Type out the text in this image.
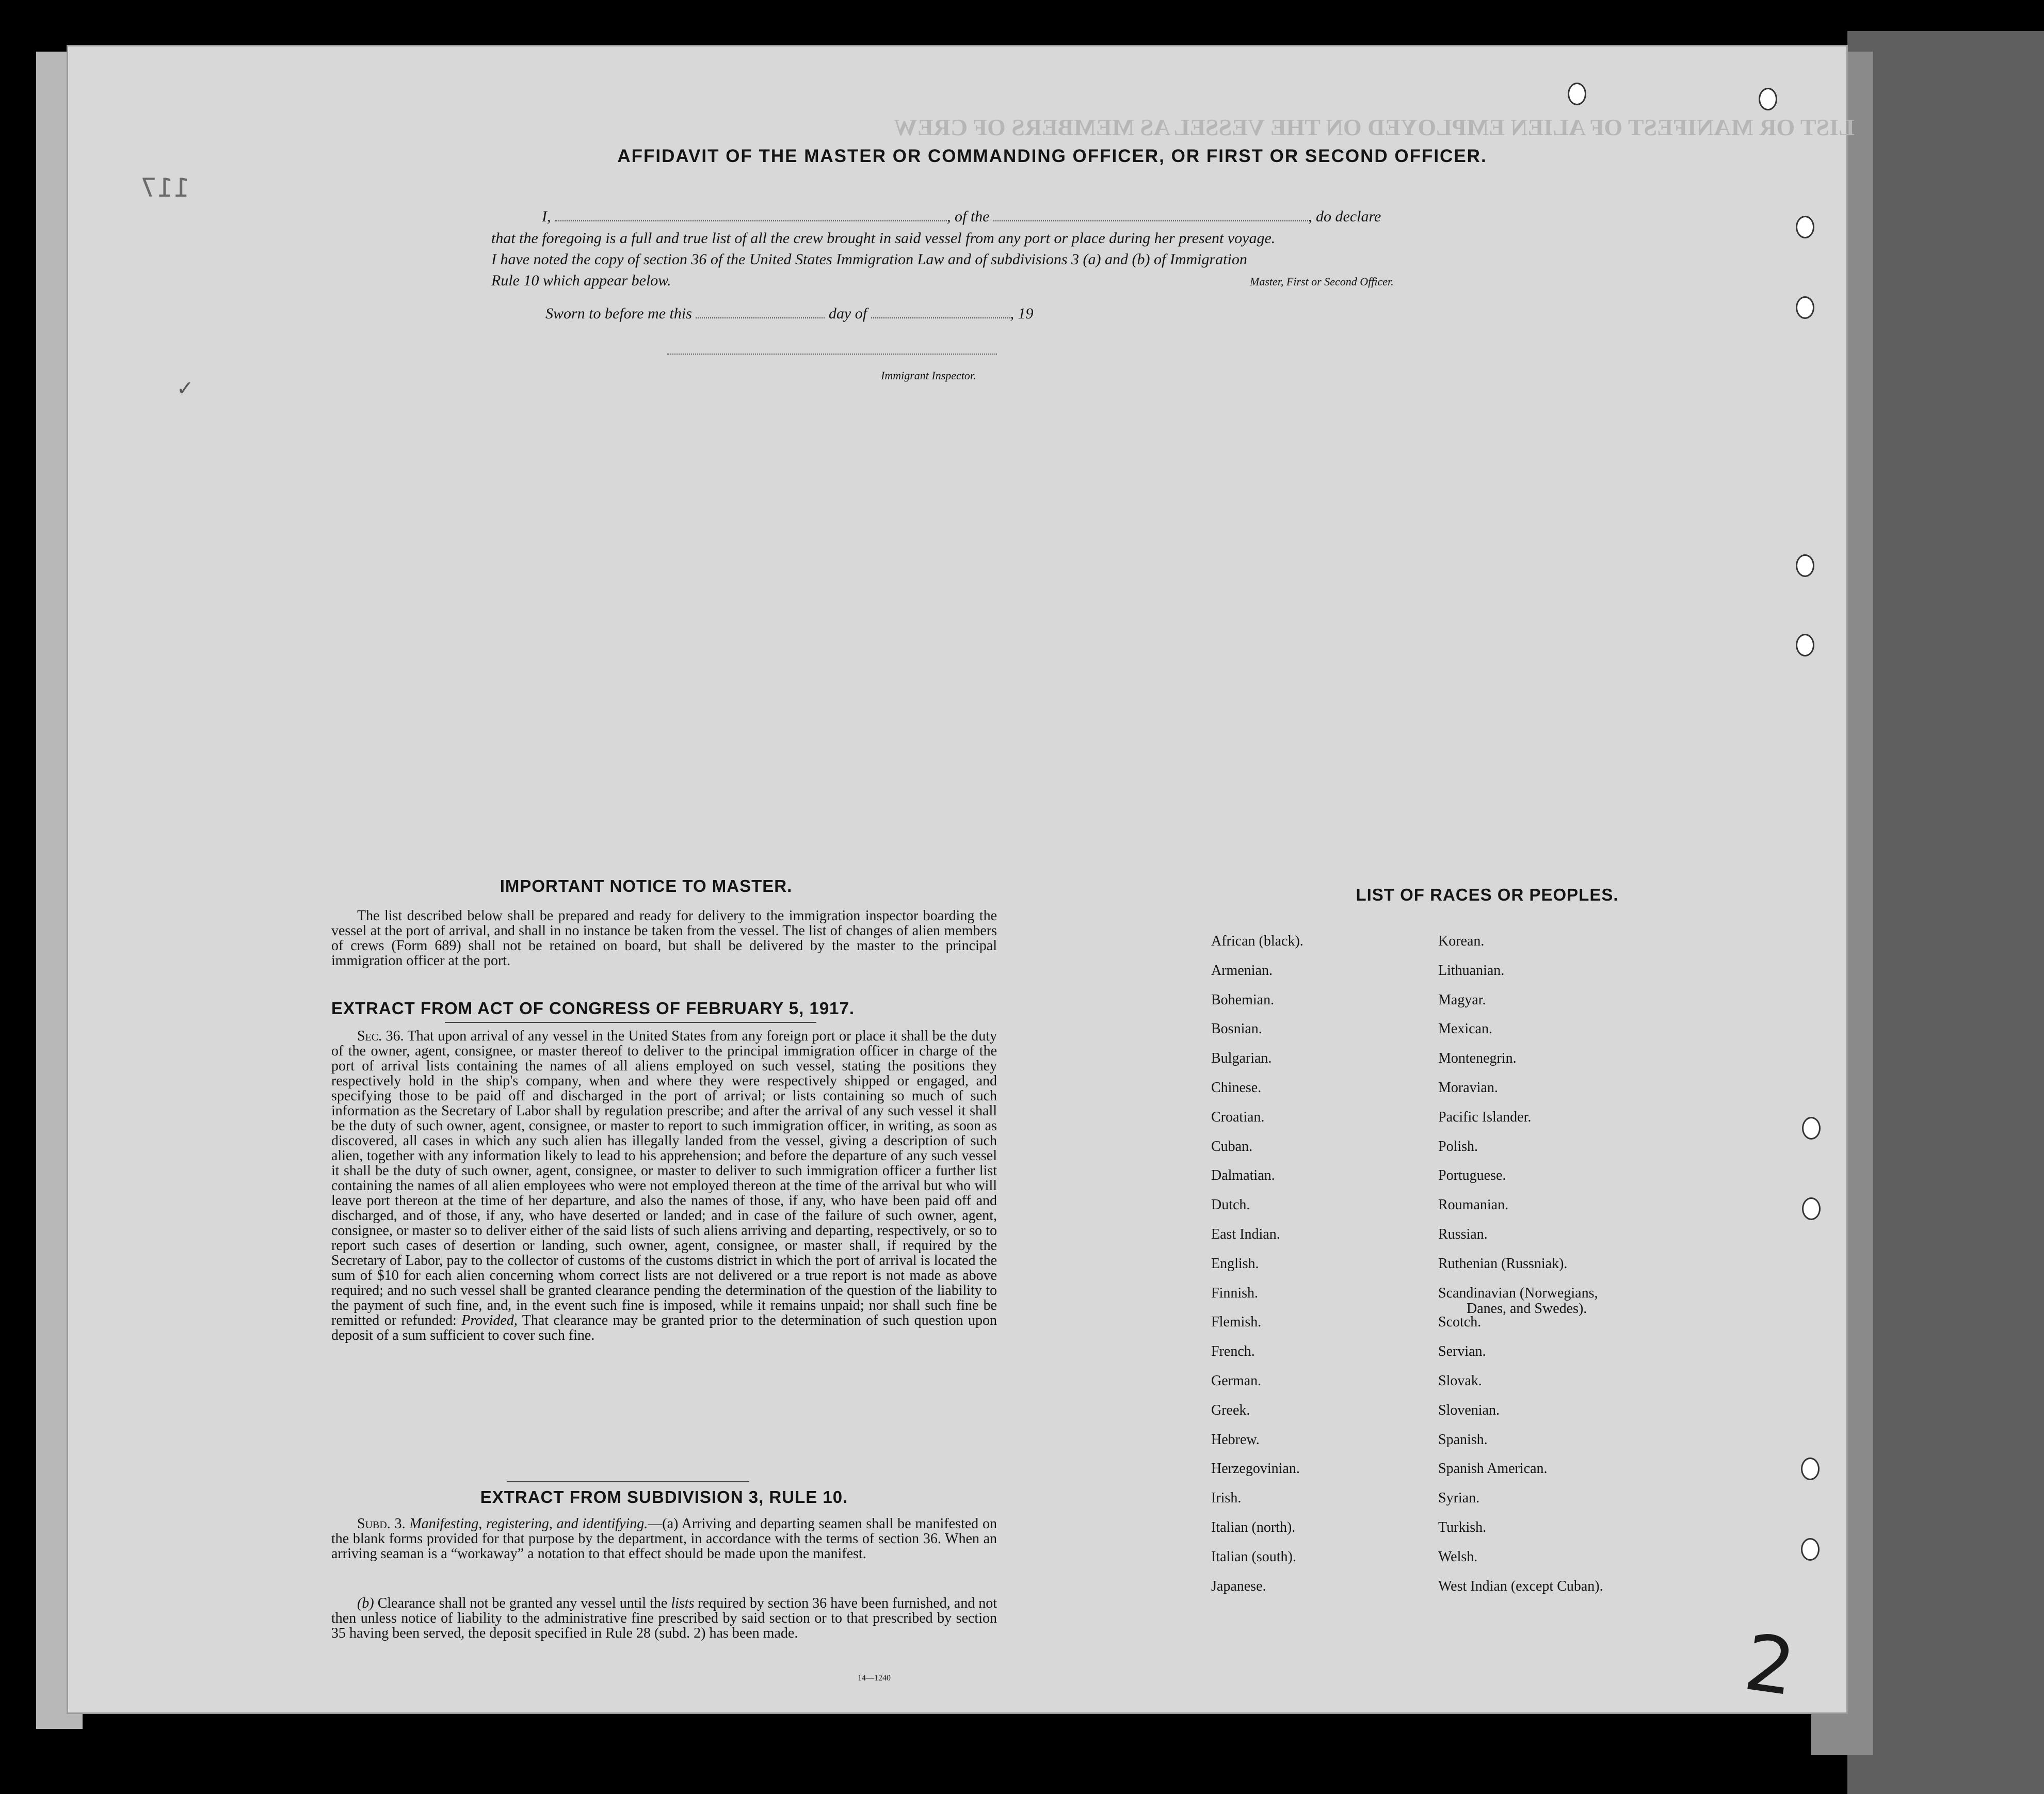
LIST OR MANIFEST OF ALIEN EMPLOYED ON THE VESSEL AS MEMBERS OF CREW
117
AFFIDAVIT OF THE MASTER OR COMMANDING OFFICER, OR FIRST OR SECOND OFFICER.
I,	, of the	, do declare
that the foregoing is a full and true list of all the crew brought in said vessel from any port or place during her present voyage.
I have noted the copy of section 36 of the United States Immigration Law and of subdivisions 3 (a) and (b) of Immigration
Rule 10 which appear below.	Master, First or Second Officer.
Sworn to before me this	day of	, 19
Immigrant Inspector.
IMPORTANT NOTICE TO MASTER.
The list described below shall be prepared and ready for delivery to the immigration inspector boarding the vessel at the port of arrival, and shall in no instance be taken from the vessel. The list of changes of alien members of crews (Form 689) shall not be retained on board, but shall be delivered by the master to the principal immigration officer at the port.
EXTRACT FROM ACT OF CONGRESS OF FEBRUARY 5, 1917.
Sec. 36. That upon arrival of any vessel in the United States from any foreign port or place it shall be the duty of the owner, agent, consignee, or master thereof to deliver to the principal immigration officer in charge of the port of arrival lists containing the names of all aliens employed on such vessel, stating the positions they respectively hold in the ship's company, when and where they were respectively shipped or engaged, and specifying those to be paid off and discharged in the port of arrival; or lists containing so much of such information as the Secretary of Labor shall by regulation prescribe; and after the arrival of any such vessel it shall be the duty of such owner, agent, consignee, or master to report to such immigration officer, in writing, as soon as discovered, all cases in which any such alien has illegally landed from the vessel, giving a description of such alien, together with any information likely to lead to his apprehension; and before the departure of any such vessel it shall be the duty of such owner, agent, consignee, or master to deliver to such immigration officer a further list containing the names of all alien employees who were not employed thereon at the time of the arrival but who will leave port thereon at the time of her departure, and also the names of those, if any, who have been paid off and discharged, and of those, if any, who have deserted or landed; and in case of the failure of such owner, agent, consignee, or master so to deliver either of the said lists of such aliens arriving and departing, respectively, or so to report such cases of desertion or landing, such owner, agent, consignee, or master shall, if required by the Secretary of Labor, pay to the collector of customs of the customs district in which the port of arrival is located the sum of $10 for each alien concerning whom correct lists are not delivered or a true report is not made as above required; and no such vessel shall be granted clearance pending the determination of the question of the liability to the payment of such fine, and, in the event such fine is imposed, while it remains unpaid; nor shall such fine be remitted or refunded: Provided, That clearance may be granted prior to the determination of such question upon deposit of a sum sufficient to cover such fine.
EXTRACT FROM SUBDIVISION 3, RULE 10.
Subd. 3. Manifesting, registering, and identifying.—(a) Arriving and departing seamen shall be manifested on the blank forms provided for that purpose by the department, in accordance with the terms of section 36. When an arriving seaman is a “workaway” a notation to that effect should be made upon the manifest.
(b) Clearance shall not be granted any vessel until the lists required by section 36 have been furnished, and not then unless notice of liability to the administrative fine prescribed by said section or to that prescribed by section 35 having been served, the deposit specified in Rule 28 (subd. 2) has been made.
14—1240
LIST OF RACES OR PEOPLES.
2
✓
African (black).
Armenian.
Bohemian.
Bosnian.
Bulgarian.
Chinese.
Croatian.
Cuban.
Dalmatian.
Dutch.
East Indian.
English.
Finnish.
Flemish.
French.
German.
Greek.
Hebrew.
Herzegovinian.
Irish.
Italian (north).
Italian (south).
Japanese.
Korean.
Lithuanian.
Magyar.
Mexican.
Montenegrin.
Moravian.
Pacific Islander.
Polish.
Portuguese.
Roumanian.
Russian.
Ruthenian (Russniak).
Scandinavian (Norwegians,
Danes, and Swedes).
Scotch.
Servian.
Slovak.
Slovenian.
Spanish.
Spanish American.
Syrian.
Turkish.
Welsh.
West Indian (except Cuban).
